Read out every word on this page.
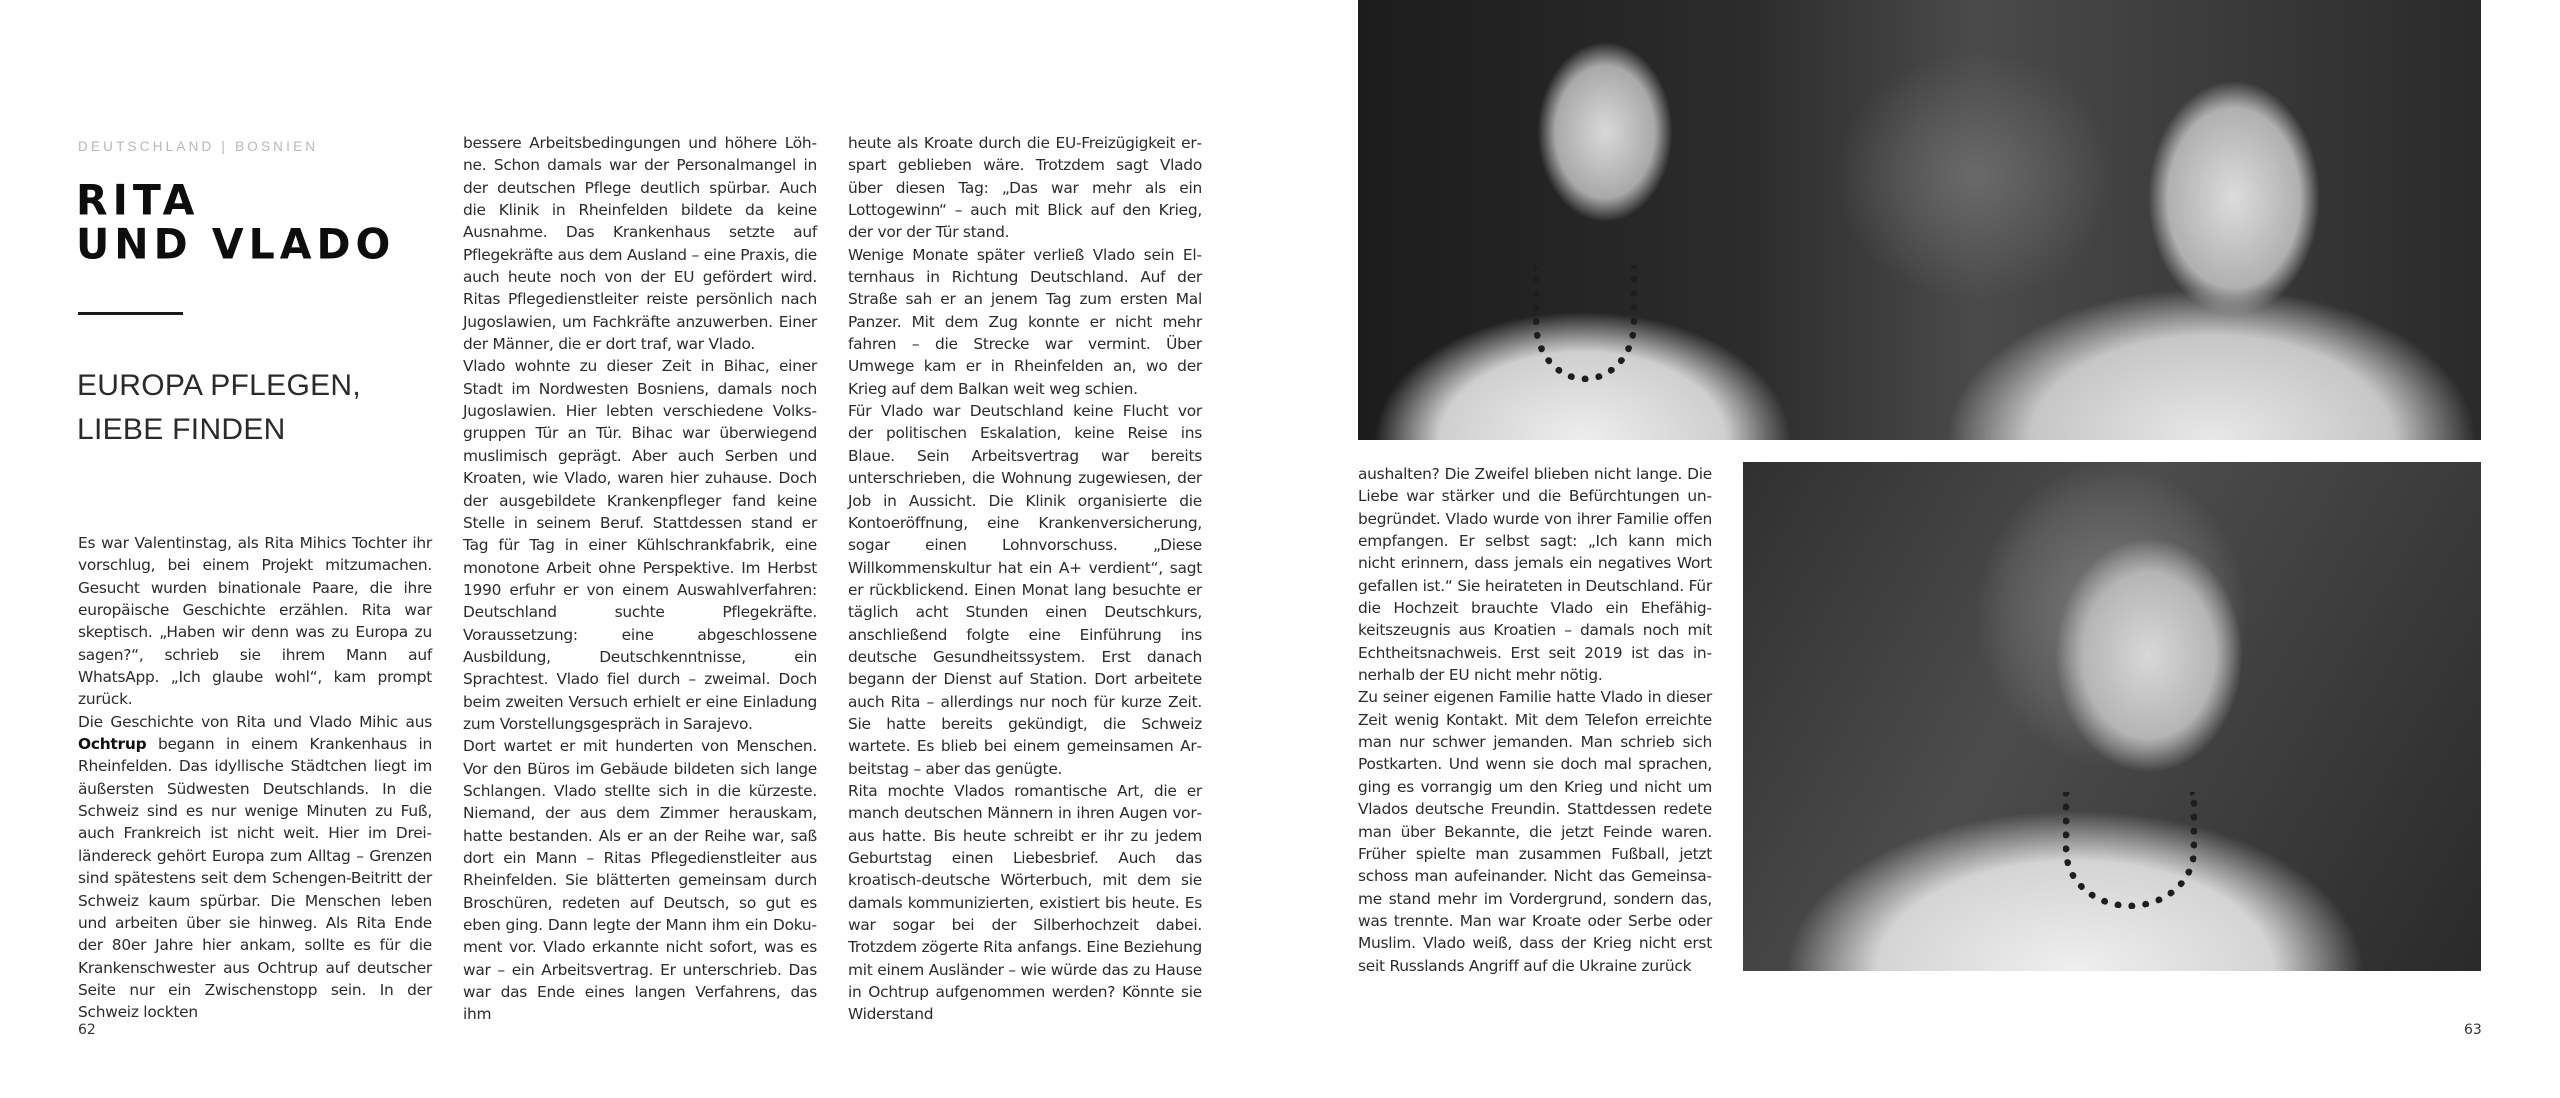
DEUTSCHLAND | BOSNIEN
RITA
UND VLADO
EUROPA PFLEGEN,
LIEBE FINDEN

Es war Valentinstag, als Rita Mihics Tochter ihr vorschlug, bei einem Projekt mitzumachen. Gesucht wurden binationale Paare, die ihre europäische Geschichte erzählen. Rita war skeptisch. „Haben wir denn was zu Europa zu sagen?“, schrieb sie ihrem Mann auf WhatsApp. „Ich glaube wohl“, kam prompt zurück.

Die Geschichte von Rita und Vlado Mihic aus Ochtrup begann in einem Krankenhaus in Rheinfelden. Das idyllische Städtchen liegt im äußersten Südwesten Deutschlands. In die Schweiz sind es nur wenige Minuten zu Fuß, auch Frankreich ist nicht weit. Hier im Dreiländereck gehört Europa zum Alltag – Grenzen sind spätestens seit dem Schengen-Beitritt der Schweiz kaum spürbar. Die Menschen leben und arbeiten über sie hinweg. Als Rita Ende der 80er Jahre hier ankam, sollte es für die Krankenschwester aus Ochtrup auf deutscher Seite nur ein Zwischenstopp sein. In der Schweiz lockten

bessere Arbeitsbedingungen und höhere Löhne. Schon damals war der Personalmangel in der deutschen Pflege deutlich spürbar. Auch die Klinik in Rheinfelden bildete da keine Ausnahme. Das Krankenhaus setzte auf Pflegekräfte aus dem Ausland – eine Praxis, die auch heute noch von der EU gefördert wird. Ritas Pflegedienstleiter reiste persönlich nach Jugoslawien, um Fachkräfte anzuwerben. Einer der Männer, die er dort traf, war Vlado.

Vlado wohnte zu dieser Zeit in Bihac, einer Stadt im Nordwesten Bosniens, damals noch Jugoslawien. Hier lebten verschiedene Volksgruppen Tür an Tür. Bihac war überwiegend muslimisch geprägt. Aber auch Serben und Kroaten, wie Vlado, waren hier zuhause. Doch der ausgebildete Krankenpfleger fand keine Stelle in seinem Beruf. Stattdessen stand er Tag für Tag in einer Kühlschrankfabrik, eine monotone Arbeit ohne Perspektive. Im Herbst 1990 erfuhr er von einem Auswahlverfahren: Deutschland suchte Pflegekräfte. Voraussetzung: eine abgeschlossene Ausbildung, Deutschkenntnisse, ein Sprachtest. Vlado fiel durch – zweimal. Doch beim zweiten Versuch erhielt er eine Einladung zum Vorstellungsgespräch in Sarajevo.

Dort wartet er mit hunderten von Menschen. Vor den Büros im Gebäude bildeten sich lange Schlangen. Vlado stellte sich in die kürzeste. Niemand, der aus dem Zimmer herauskam, hatte bestanden. Als er an der Reihe war, saß dort ein Mann – Ritas Pflegedienstleiter aus Rheinfelden. Sie blätterten gemeinsam durch Broschüren, redeten auf Deutsch, so gut es eben ging. Dann legte der Mann ihm ein Dokument vor. Vlado erkannte nicht sofort, was es war – ein Arbeitsvertrag. Er unterschrieb. Das war das Ende eines langen Verfahrens, das ihm

heute als Kroate durch die EU-Freizügigkeit erspart geblieben wäre. Trotzdem sagt Vlado über diesen Tag: „Das war mehr als ein Lottogewinn“ – auch mit Blick auf den Krieg, der vor der Tür stand.

Wenige Monate später verließ Vlado sein Elternhaus in Richtung Deutschland. Auf der Straße sah er an jenem Tag zum ersten Mal Panzer. Mit dem Zug konnte er nicht mehr fahren – die Strecke war vermint. Über Umwege kam er in Rheinfelden an, wo der Krieg auf dem Balkan weit weg schien.

Für Vlado war Deutschland keine Flucht vor der politischen Eskalation, keine Reise ins Blaue. Sein Arbeitsvertrag war bereits unterschrieben, die Wohnung zugewiesen, der Job in Aussicht. Die Klinik organisierte die Kontoeröffnung, eine Krankenversicherung, sogar einen Lohnvorschuss. „Diese Willkommenskultur hat ein A+ verdient“, sagt er rückblickend. Einen Monat lang besuchte er täglich acht Stunden einen Deutschkurs, anschließend folgte eine Einführung ins deutsche Gesundheitssystem. Erst danach begann der Dienst auf Station. Dort arbeitete auch Rita – allerdings nur noch für kurze Zeit. Sie hatte bereits gekündigt, die Schweiz wartete. Es blieb bei einem gemeinsamen Arbeitstag – aber das genügte.

Rita mochte Vlados romantische Art, die er manch deutschen Männern in ihren Augen voraus hatte. Bis heute schreibt er ihr zu jedem Geburtstag einen Liebesbrief. Auch das kroatisch-deutsche Wörterbuch, mit dem sie damals kommunizierten, existiert bis heute. Es war sogar bei der Silberhochzeit dabei. Trotzdem zögerte Rita anfangs. Eine Beziehung mit einem Ausländer – wie würde das zu Hause in Ochtrup aufgenommen werden? Könnte sie Widerstand

62

aushalten? Die Zweifel blieben nicht lange. Die Liebe war stärker und die Befürchtungen unbegründet. Vlado wurde von ihrer Familie offen empfangen. Er selbst sagt: „Ich kann mich nicht erinnern, dass jemals ein negatives Wort gefallen ist.“ Sie heirateten in Deutschland. Für die Hochzeit brauchte Vlado ein Ehefähigkeitszeugnis aus Kroatien – damals noch mit Echtheitsnachweis. Erst seit 2019 ist das innerhalb der EU nicht mehr nötig.

Zu seiner eigenen Familie hatte Vlado in dieser Zeit wenig Kontakt. Mit dem Telefon erreichte man nur schwer jemanden. Man schrieb sich Postkarten. Und wenn sie doch mal sprachen, ging es vorrangig um den Krieg und nicht um Vlados deutsche Freundin. Stattdessen redete man über Bekannte, die jetzt Feinde waren. Früher spielte man zusammen Fußball, jetzt schoss man aufeinander. Nicht das Gemeinsame stand mehr im Vordergrund, sondern das, was trennte. Man war Kroate oder Serbe oder Muslim. Vlado weiß, dass der Krieg nicht erst seit Russlands Angriff auf die Ukraine zurück

63
